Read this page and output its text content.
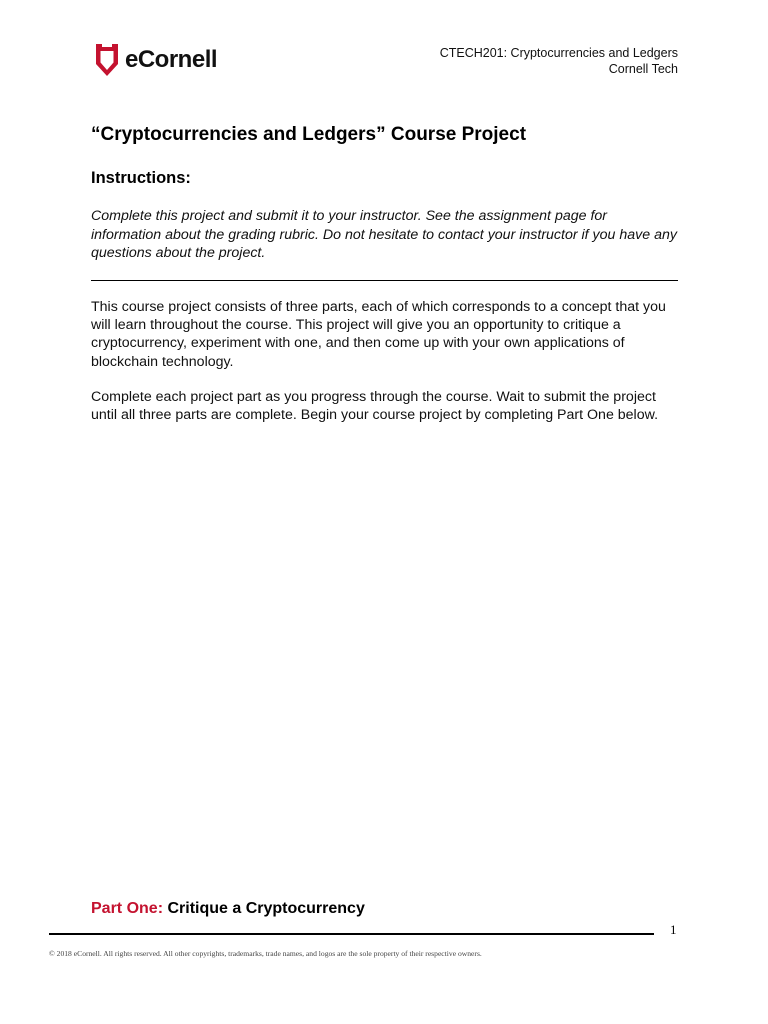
eCornell	CTECH201: Cryptocurrencies and Ledgers
Cornell Tech
“Cryptocurrencies and Ledgers” Course Project
Instructions:

Complete this project and submit it to your instructor. See the assignment page for information about the grading rubric. Do not hesitate to contact your instructor if you have any questions about the project.

This course project consists of three parts, each of which corresponds to a concept that you will learn throughout the course. This project will give you an opportunity to critique a cryptocurrency, experiment with one, and then come up with your own applications of blockchain technology.

Complete each project part as you progress through the course. Wait to submit the project until all three parts are complete. Begin your course project by completing Part One below.

Part One: Critique a Cryptocurrency
1
© 2018 eCornell. All rights reserved. All other copyrights, trademarks, trade names, and logos are the sole property of their respective owners.
